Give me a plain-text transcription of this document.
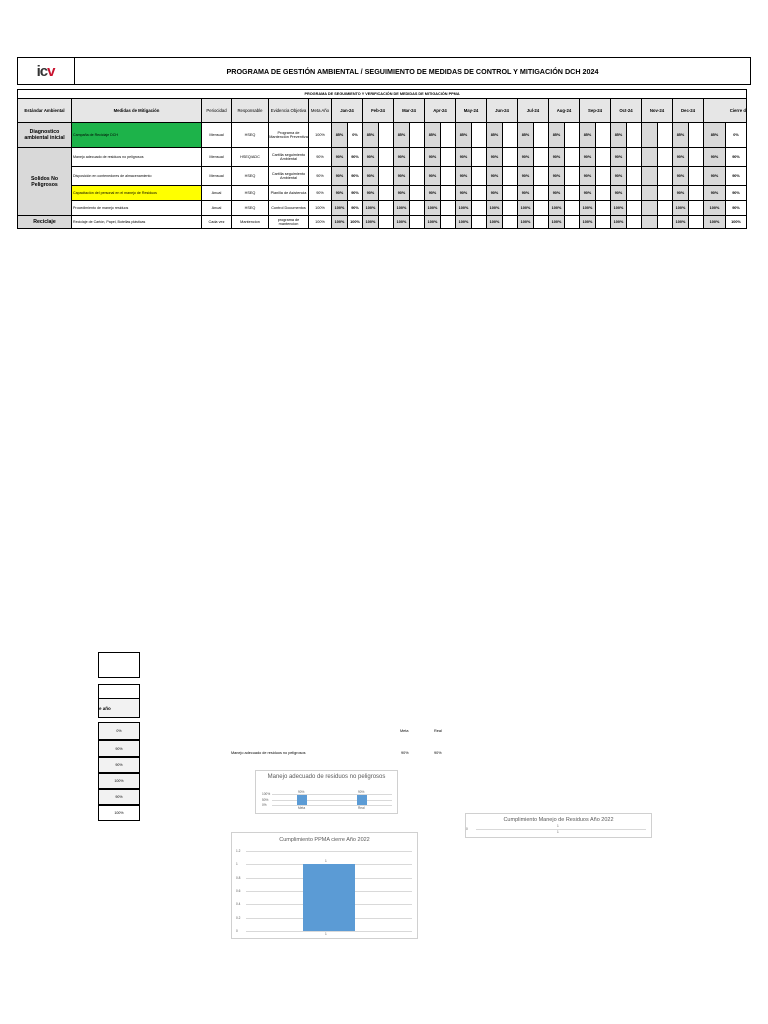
ic v	PROGRAMA DE GESTIÓN AMBIENTAL / SEGUIMIENTO DE MEDIDAS DE CONTROL Y MITIGACIÓN DCH 2024
PROGRAMA DE SEGUIMIENTO Y VERIFICACIÓN DE MEDIDAS DE MITIGACIÓN PPMA																															
Estándar Ambiental	Medidas de Mitigación	Periocidad	Responsable	Evidencia Objetiva	Meta Año	Jan-24		Feb-24		Mar-24		Apr-24		May-24		Jun-24		Jul-24		Aug-24		Sep-24		Oct-24		Nov-24		Dec-24		Cierre d	
Diagnostico ambiental inicial	Campaña de Reciclaje DCH	Mensual	HSEQ	Programa de Mantención Preventiva	100%	85%	0%	85%		85%		85%		85%		85%		85%		85%		85%		85%				85%		85%	0%
Solidos No Peligrosos	Manejo adecuado de residuos no peligrosos	Mensual	HSEQ/ADC	Cartilla seguimiento Ambiental	90%	90%	90%	90%		90%		90%		90%		90%		90%		90%		90%		90%				90%		90%	90%
	Disposición en contenedores de almacenamiento	Mensual	HSEQ	Cartilla seguimiento Ambiental	90%	90%	90%	90%		90%		90%		90%		90%		90%		90%		90%		90%				90%		90%	90%
	Capacitación del personal en el manejo de Residuos	Anual	HSEQ	Planilla de Asistencia	90%	90%	90%	90%		90%		90%		90%		90%		90%		90%		90%		90%				90%		90%	90%
	Procedimiento de manejo residuos	Anual	HSEQ	Control Documentos	100%	100%	90%	100%		100%		100%		100%		100%		100%		100%		100%		100%				100%		100%	90%
Reciclaje	Reciclaje de Cartón, Papel, Botellas plásticas	Cada vez	Mantencion	programa de mantencion	100%	100%	100%	100%		100%		100%		100%		100%		100%		100%		100%		100%				100%		100%	100%
e año
0%
90%
90%
100%
90%
100%
Meta	Real
Manejo adecuado de residuos no peligrosos	90%	90%
Manejo adecuado de residuos no peligrosos
100%
50%
0%
90%
Meta
90%
Real
Cumplimiento Manejo de Residuos Año 2022
0
1
1
Cumplimiento PPMA cierre Año 2022
1.2
1
0.8
0.6
0.4
0.2
0
1
1
